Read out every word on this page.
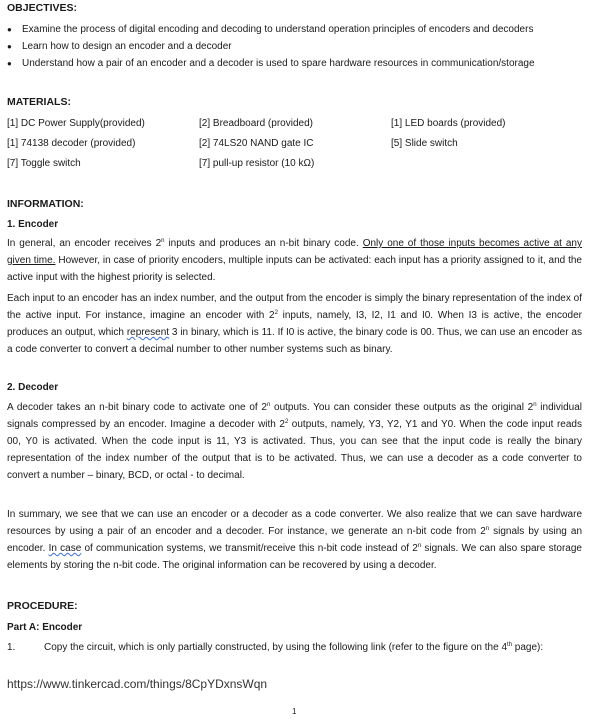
OBJECTIVES:
● Examine the process of digital encoding and decoding to understand operation principles of encoders and decoders
● Learn how to design an encoder and a decoder
● Understand how a pair of an encoder and a decoder is used to spare hardware resources in communication/storage
MATERIALS:
[1] DC Power Supply(provided)	[2] Breadboard (provided)	[1] LED boards (provided)
[1] 74138 decoder (provided)	[2] 74LS20 NAND gate IC	[5] Slide switch
[7] Toggle switch	[7] pull-up resistor (10 kΩ)
INFORMATION:
1. Encoder
In general, an encoder receives 2$^n$ inputs and produces an n-bit binary code. Only one of those inputs becomes active at any given time. However, in case of priority encoders, multiple inputs can be activated: each input has a priority assigned to it, and the active input with the highest priority is selected.
Each input to an encoder has an index number, and the output from the encoder is simply the binary representation of the index of the active input. For instance, imagine an encoder with $2^2$ inputs, namely, I3, I2, I1 and I0. When I3 is active, the encoder produces an output, which represent 3 in binary, which is 11. If I0 is active, the binary code is 00. Thus, we can use an encoder as a code converter to convert a decimal number to other number systems such as binary.
2. Decoder
A decoder takes an n-bit binary code to activate one of 2$^n$ outputs. You can consider these outputs as the original 2$^n$ individual signals compressed by an encoder. Imagine a decoder with $2^2$ outputs, namely, Y3, Y2, Y1 and Y0. When the code input reads 00, Y0 is activated. When the code input is 11, Y3 is activated. Thus, you can see that the input code is really the binary representation of the index number of the output that is to be activated. Thus, we can use a decoder as a code converter to convert a number – binary, BCD, or octal - to decimal.
In summary, we see that we can use an encoder or a decoder as a code converter. We also realize that we can save hardware resources by using a pair of an encoder and a decoder. For instance, we generate an n-bit code from 2$^n$ signals by using an encoder. In case of communication systems, we transmit/receive this n-bit code instead of 2$^n$ signals. We can also spare storage elements by storing the n-bit code. The original information can be recovered by using a decoder.
PROCEDURE:
Part A: Encoder
1.	Copy the circuit, which is only partially constructed, by using the following link (refer to the figure on the 4th page):
https://www.tinkercad.com/things/8CpYDxnsWqn
1
